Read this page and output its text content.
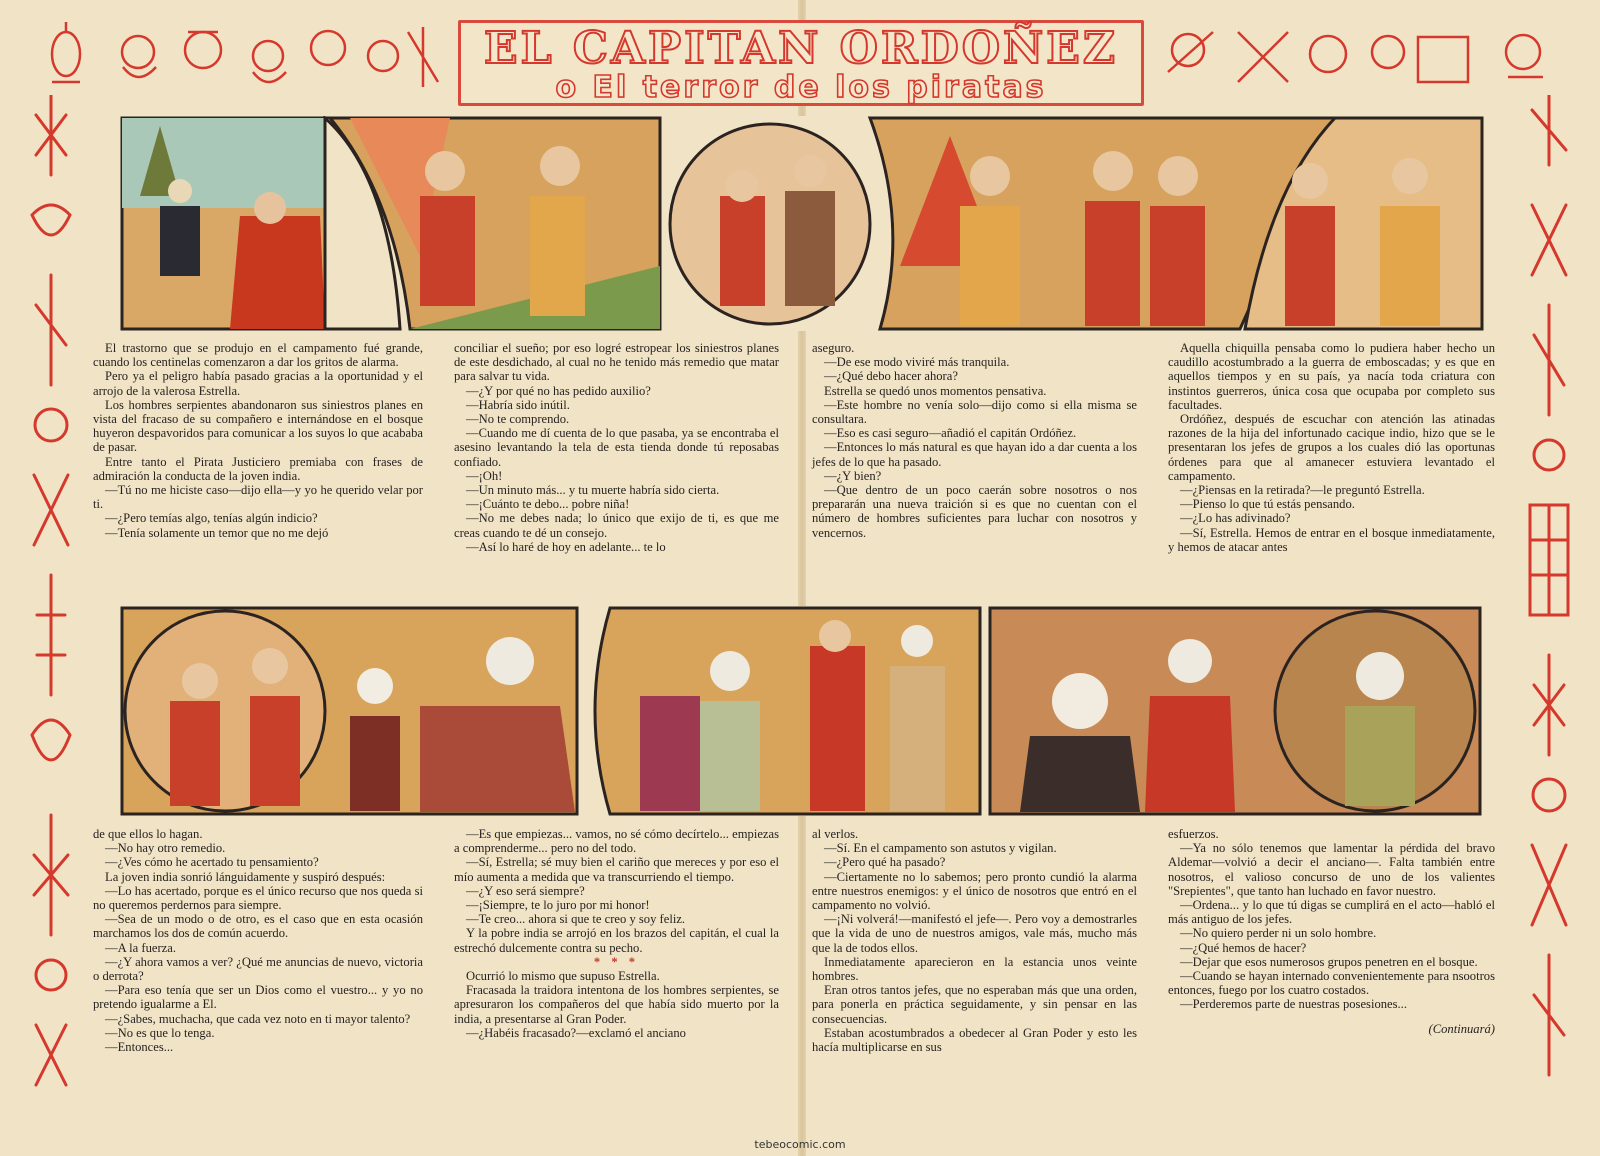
EL CAPITAN ORDOÑEZ
o El terror de los piratas

El trastorno que se produjo en el campamento fué grande, cuando los centinelas comenzaron a dar los gritos de alarma.

Pero ya el peligro había pasado gracias a la oportunidad y el arrojo de la valerosa Estrella.

Los hombres serpientes abandonaron sus siniestros planes en vista del fracaso de su compañero e internándose en el bosque huyeron despavoridos para comunicar a los suyos lo que acababa de pasar.

Entre tanto el Pirata Justiciero premiaba con frases de admiración la conducta de la joven india.

—Tú no me hiciste caso—dijo ella—y yo he querido velar por ti.

—¿Pero temías algo, tenías algún indicio?

—Tenía solamente un temor que no me dejó

conciliar el sueño; por eso logré estropear los siniestros planes de este desdichado, al cual no he tenido más remedio que matar para salvar tu vida.

—¿Y por qué no has pedido auxilio?

—Habría sido inútil.

—No te comprendo.

—Cuando me dí cuenta de lo que pasaba, ya se encontraba el asesino levantando la tela de esta tienda donde tú reposabas confiado.

—¡Oh!

—Un minuto más... y tu muerte habría sido cierta.

—¡Cuánto te debo... pobre niña!

—No me debes nada; lo único que exijo de ti, es que me creas cuando te dé un consejo.

—Así lo haré de hoy en adelante... te lo

aseguro.

—De ese modo viviré más tranquila.

—¿Qué debo hacer ahora?

Estrella se quedó unos momentos pensativa.

—Este hombre no venía solo—dijo como si ella misma se consultara.

—Eso es casi seguro—añadió el capitán Ordóñez.

—Entonces lo más natural es que hayan ido a dar cuenta a los jefes de lo que ha pasado.

—¿Y bien?

—Que dentro de un poco caerán sobre nosotros o nos prepararán una nueva traición si es que no cuentan con el número de hombres suficientes para luchar con nosotros y vencernos.

Aquella chiquilla pensaba como lo pudiera haber hecho un caudillo acostumbrado a la guerra de emboscadas; y es que en aquellos tiempos y en su país, ya nacía toda criatura con instintos guerreros, única cosa que ocupaba por completo sus facultades.

Ordóñez, después de escuchar con atención las atinadas razones de la hija del infortunado cacique indio, hizo que se le presentaran los jefes de grupos a los cuales dió las oportunas órdenes para que al amanecer estuviera levantado el campamento.

—¿Piensas en la retirada?—le preguntó Estrella.

—Pienso lo que tú estás pensando.

—¿Lo has adivinado?

—Sí, Estrella. Hemos de entrar en el bosque inmediatamente, y hemos de atacar antes

de que ellos lo hagan.

—No hay otro remedio.

—¿Ves cómo he acertado tu pensamiento?

La joven india sonrió lánguidamente y suspiró después:

—Lo has acertado, porque es el único recurso que nos queda si no queremos perdernos para siempre.

—Sea de un modo o de otro, es el caso que en esta ocasión marchamos los dos de común acuerdo.

—A la fuerza.

—¿Y ahora vamos a ver? ¿Qué me anuncias de nuevo, victoria o derrota?

—Para eso tenía que ser un Dios como el vuestro... y yo no pretendo igualarme a El.

—¿Sabes, muchacha, que cada vez noto en ti mayor talento?

—No es que lo tenga.

—Entonces...

—Es que empiezas... vamos, no sé cómo decírtelo... empiezas a comprenderme... pero no del todo.

—Sí, Estrella; sé muy bien el cariño que mereces y por eso el mío aumenta a medida que va transcurriendo el tiempo.

—¿Y eso será siempre?

—¡Siempre, te lo juro por mi honor!

—Te creo... ahora si que te creo y soy feliz.

Y la pobre india se arrojó en los brazos del capitán, el cual la estrechó dulcemente contra su pecho.

* * *

Ocurrió lo mismo que supuso Estrella.

Fracasada la traidora intentona de los hombres serpientes, se apresuraron los compañeros del que había sido muerto por la india, a presentarse al Gran Poder.

—¿Habéis fracasado?—exclamó el anciano

al verlos.

—Sí. En el campamento son astutos y vigilan.

—¿Pero qué ha pasado?

—Ciertamente no lo sabemos; pero pronto cundió la alarma entre nuestros enemigos: y el único de nosotros que entró en el campamento no volvió.

—¡Ni volverá!—manifestó el jefe—. Pero voy a demostrarles que la vida de uno de nuestros amigos, vale más, mucho más que la de todos ellos.

Inmediatamente aparecieron en la estancia unos veinte hombres.

Eran otros tantos jefes, que no esperaban más que una orden, para ponerla en práctica seguidamente, y sin pensar en las consecuencias.

Estaban acostumbrados a obedecer al Gran Poder y esto les hacía multiplicarse en sus

esfuerzos.

—Ya no sólo tenemos que lamentar la pérdida del bravo Aldemar—volvió a decir el anciano—. Falta también entre nosotros, el valioso concurso de uno de los valientes "Srepientes", que tanto han luchado en favor nuestro.

—Ordena... y lo que tú digas se cumplirá en el acto—habló el más antiguo de los jefes.

—No quiero perder ni un solo hombre.

—¿Qué hemos de hacer?

—Dejar que esos numerosos grupos penetren en el bosque.

—Cuando se hayan internado convenientemente para nsootros entonces, fuego por los cuatro costados.

—Perderemos parte de nuestras posesiones...

(Continuará)

tebeocomic.com
